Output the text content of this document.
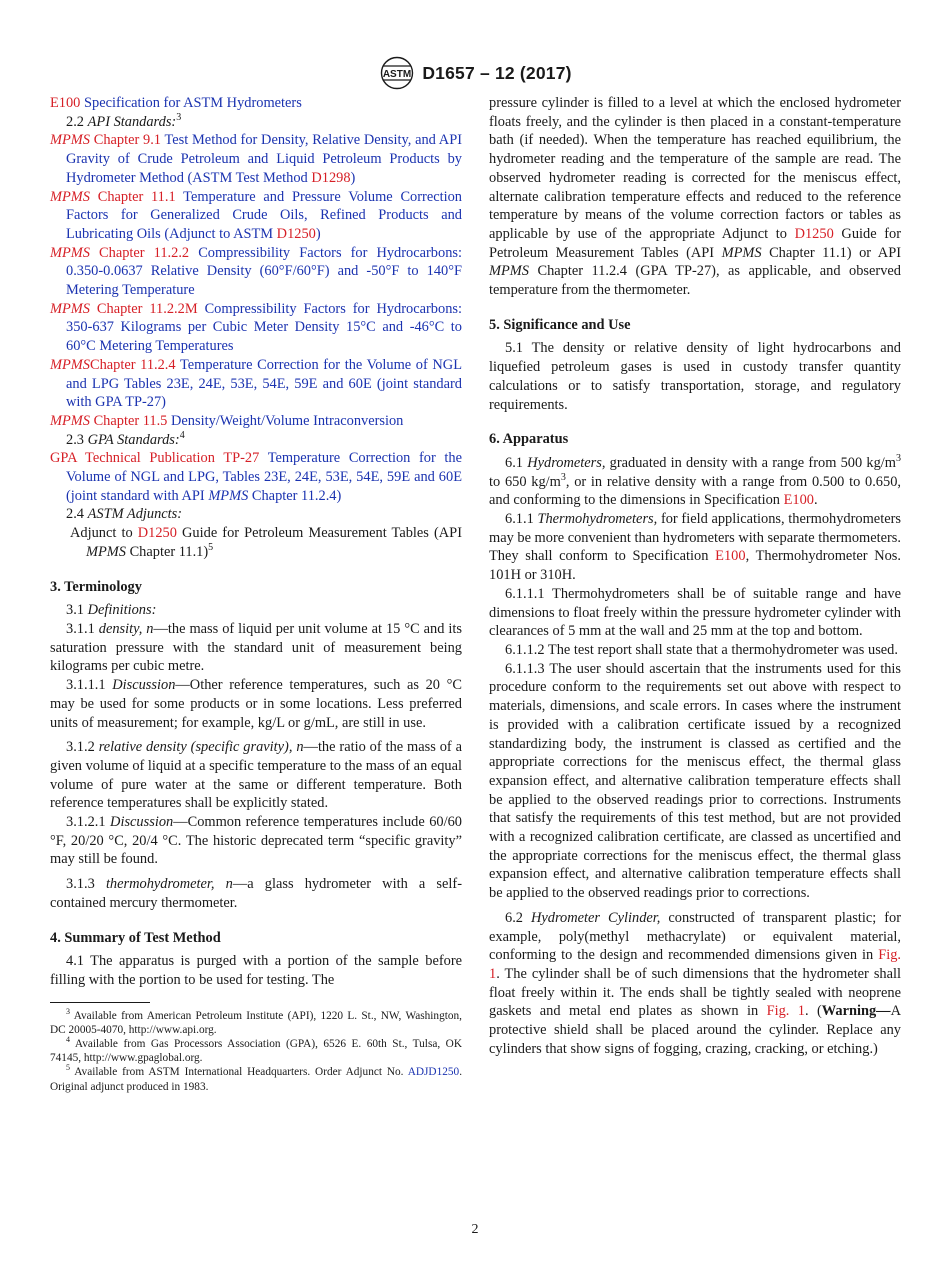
ASTM D1657 – 12 (2017)

E100 Specification for ASTM Hydrometers

2.2 API Standards:$^3$

MPMS Chapter 9.1 Test Method for Density, Relative Density, and API Gravity of Crude Petroleum and Liquid Petroleum Products by Hydrometer Method (ASTM Test Method D1298)

MPMS Chapter 11.1 Temperature and Pressure Volume Correction Factors for Generalized Crude Oils, Refined Products and Lubricating Oils (Adjunct to ASTM D1250)

MPMS Chapter 11.2.2 Compressibility Factors for Hydrocarbons: 0.350-0.0637 Relative Density (60°F/60°F) and -50°F to 140°F Metering Temperature

MPMS Chapter 11.2.2M Compressibility Factors for Hydrocarbons: 350-637 Kilograms per Cubic Meter Density 15°C and -46°C to 60°C Metering Temperatures

MPMSChapter 11.2.4 Temperature Correction for the Volume of NGL and LPG Tables 23E, 24E, 53E, 54E, 59E and 60E (joint standard with GPA TP-27)

MPMS Chapter 11.5 Density/Weight/Volume Intraconversion

2.3 GPA Standards:$^4$

GPA Technical Publication TP-27 Temperature Correction for the Volume of NGL and LPG, Tables 23E, 24E, 53E, 54E, 59E and 60E (joint standard with API MPMS Chapter 11.2.4)

2.4 ASTM Adjuncts:

Adjunct to D1250 Guide for Petroleum Measurement Tables (API MPMS Chapter 11.1)$^5$

3. Terminology

3.1 Definitions:

3.1.1 density, n—the mass of liquid per unit volume at 15 °C and its saturation pressure with the standard unit of measurement being kilograms per cubic metre.

3.1.1.1 Discussion—Other reference temperatures, such as 20 °C may be used for some products or in some locations. Less preferred units of measurement; for example, kg/L or g/mL, are still in use.

3.1.2 relative density (specific gravity), n—the ratio of the mass of a given volume of liquid at a specific temperature to the mass of an equal volume of pure water at the same or different temperature. Both reference temperatures shall be explicitly stated.

3.1.2.1 Discussion—Common reference temperatures include 60/60 °F, 20/20 °C, 20/4 °C. The historic deprecated term “specific gravity” may still be found.

3.1.3 thermohydrometer, n—a glass hydrometer with a self-contained mercury thermometer.

4. Summary of Test Method

4.1 The apparatus is purged with a portion of the sample before filling with the portion to be used for testing. The

$^3$ Available from American Petroleum Institute (API), 1220 L. St., NW, Washington, DC 20005-4070, http://www.api.org.

$^4$ Available from Gas Processors Association (GPA), 6526 E. 60th St., Tulsa, OK 74145, http://www.gpaglobal.org.

$^5$ Available from ASTM International Headquarters. Order Adjunct No. ADJD1250. Original adjunct produced in 1983.

pressure cylinder is filled to a level at which the enclosed hydrometer floats freely, and the cylinder is then placed in a constant-temperature bath (if needed). When the temperature has reached equilibrium, the hydrometer reading and the temperature of the sample are read. The observed hydrometer reading is corrected for the meniscus effect, alternate calibration temperature effects and reduced to the reference temperature by means of the volume correction factors or tables as applicable by use of the appropriate Adjunct to D1250 Guide for Petroleum Measurement Tables (API MPMS Chapter 11.1) or API MPMS Chapter 11.2.4 (GPA TP-27), as applicable, and observed temperature from the thermometer.

5. Significance and Use

5.1 The density or relative density of light hydrocarbons and liquefied petroleum gases is used in custody transfer quantity calculations or to satisfy transportation, storage, and regulatory requirements.

6. Apparatus

6.1 Hydrometers, graduated in density with a range from 500 $kg/m^3$ to 650 $kg/m^3$, or in relative density with a range from 0.500 to 0.650, and conforming to the dimensions in Specification E100.

6.1.1 Thermohydrometers, for field applications, thermohydrometers may be more convenient than hydrometers with separate thermometers. They shall conform to Specification E100, Thermohydrometer Nos. 101H or 310H.

6.1.1.1 Thermohydrometers shall be of suitable range and have dimensions to float freely within the pressure hydrometer cylinder with clearances of 5 mm at the wall and 25 mm at the top and bottom.

6.1.1.2 The test report shall state that a thermohydrometer was used.

6.1.1.3 The user should ascertain that the instruments used for this procedure conform to the requirements set out above with respect to materials, dimensions, and scale errors. In cases where the instrument is provided with a calibration certificate issued by a recognized standardizing body, the instrument is classed as certified and the appropriate corrections for the meniscus effect, the thermal glass expansion effect, and alternative calibration temperature effects shall be applied to the observed readings prior to corrections. Instruments that satisfy the requirements of this test method, but are not provided with a recognized calibration certificate, are classed as uncertified and the appropriate corrections for the meniscus effect, the thermal glass expansion effect, and alternative calibration temperature effects shall be applied to the observed readings prior to corrections.

6.2 Hydrometer Cylinder, constructed of transparent plastic; for example, poly(methyl methacrylate) or equivalent material, conforming to the design and recommended dimensions given in Fig. 1. The cylinder shall be of such dimensions that the hydrometer shall float freely within it. The ends shall be tightly sealed with neoprene gaskets and metal end plates as shown in Fig. 1. (Warning—A protective shield shall be placed around the cylinder. Replace any cylinders that show signs of fogging, crazing, cracking, or etching.)

2
